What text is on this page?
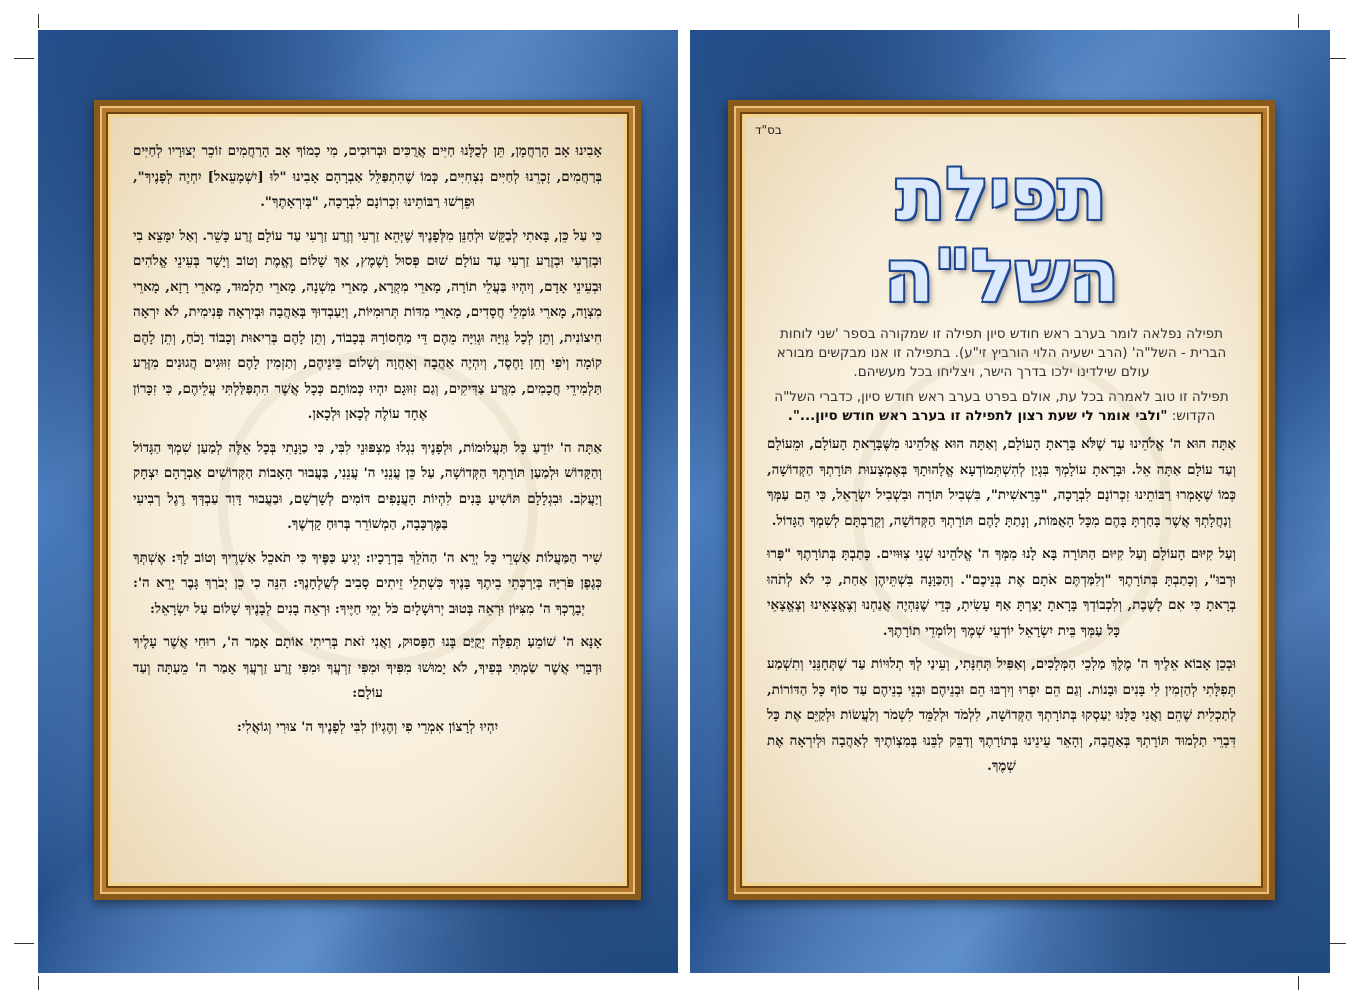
אָבִינוּ אָב הָרַחֲמָן, תֵּן לְכֻלָּנוּ חַיִּים אֲרֻכִּים וּבְרוּכִים, מִי כָמוֹךָ אָב הָרַחֲמִים זוֹכֵר יְצוּרָיו לְחַיִּים בְּרַחֲמִים, זָכְרֵנוּ לְחַיִּים נִצְחִיִּים, כְּמוֹ שֶׁהִתְפַּלֵּל אַבְרָהָם אָבִינוּ "לוּ [יִשְׁמָעֵאל] יִחְיֶה לְפָנֶיךָ", וּפֵרְשׁוּ רַבּוֹתֵינוּ זִכְרוֹנָם לִבְרָכָה, "בְּיִרְאָתֶךָ".

כִּי עַל כֵּן, בָּאתִי לְבַקֵּשׁ וּלְחַנֵּן מִלְּפָנֶיךָ שֶׁיְּהֵא זַרְעִי וְזֶרַע זַרְעִי עַד עוֹלָם זֶרַע כָּשֵׁר. וְאַל יִמָּצֵא בִי וּבְזַרְעִי וּבְזֶרַע זַרְעִי עַד עוֹלָם שׁוּם פְּסוּל וָשֶׁמֶץ, אַךְ שָׁלוֹם וֶאֱמֶת וְטוֹב וְיָשָׁר בְּעֵינֵי אֱלֹהִים וּבְעֵינֵי אָדָם, וְיִהְיוּ בַּעֲלֵי תוֹרָה, מָארֵי מִקְרָא, מָארֵי מִשְׁנָה, מָארֵי תַלְמוּד, מָארֵי רָזָא, מָארֵי מִצְוָה, מָארֵי גּוֹמְלֵי חֲסָדִים, מָארֵי מִדּוֹת תְּרוּמִיּוֹת, וְיַעַבְדוּךָ בְּאַהֲבָה וּבְיִרְאָה פְּנִימִית, לֹא יִרְאָה חִיצוֹנִית, וְתֵן לְכָל גְּוִיָּה וּגְוִיָּה מֵהֶם דֵּי מַחְסוֹרָהּ בְּכָבוֹד, וְתֵן לָהֶם בְּרִיאוּת וְכָבוֹד וָכֹחַ, וְתֵן לָהֶם קוֹמָה וְיֹפִי וְחֵן וָחֶסֶד, וְיִהְיֶה אַהֲבָה וְאַחֲוָה וְשָׁלוֹם בֵּינֵיהֶם, וְתַזְמִין לָהֶם זִוּוּגִים הֲגוּנִים מִזֶּרַע תַּלְמִידֵי חֲכָמִים, מִזֶּרַע צַדִּיקִים, וְגַם זִוּוּגָם יִהְיוּ כְּמוֹתָם כְּכָל אֲשֶׁר הִתְפַּלַּלְתִּי עֲלֵיהֶם, כִּי זִכָּרוֹן אֶחָד עוֹלֶה לְכָאן וּלְכָאן.

אַתָּה ה' יוֹדֵעַ כָּל תַּעֲלוּמוֹת, וּלְפָנֶיךָ נִגְלוּ מַצְפּוּנֵי לִבִּי, כִּי כַוָּנָתִי בְּכָל אֵלֶּה לְמַעַן שִׁמְךָ הַגָּדוֹל וְהַקָּדוֹשׁ וּלְמַעַן תּוֹרָתְךָ הַקְּדוֹשָׁה, עַל כֵּן עֲנֵנִי ה' עֲנֵנִי, בַּעֲבוּר הָאָבוֹת הַקְּדוֹשִׁים אַבְרָהָם יִצְחָק וְיַעֲקֹב. וּבִגְלָלָם תּוֹשִׁיעַ בָּנִים לִהְיוֹת הָעֲנָפִים דּוֹמִים לְשָׁרְשָׁם, וּבַעֲבוּר דָּוִד עַבְדְּךָ רֶגֶל רְבִיעִי בַּמֶּרְכָּבָה, הַמְשׁוֹרֵר בְּרוּחַ קָדְשֶׁךָ.

שִׁיר הַמַּעֲלוֹת אַשְׁרֵי כָּל יְרֵא ה' הַהֹלֵךְ בִּדְרָכָיו: יְגִיעַ כַּפֶּיךָ כִּי תֹאכֵל אַשְׁרֶיךָ וְטוֹב לָךְ: אֶשְׁתְּךָ כְּגֶפֶן פֹּרִיָּה בְּיַרְכְּתֵי בֵיתֶךָ בָּנֶיךָ כִּשְׁתִלֵי זֵיתִים סָבִיב לְשֻׁלְחָנֶךָ: הִנֵּה כִי כֵן יְבֹרַךְ גָּבֶר יְרֵא ה': יְבָרֶכְךָ ה' מִצִּיּוֹן וּרְאֵה בְּטוּב יְרוּשָׁלָיִם כֹּל יְמֵי חַיֶּיךָ: וּרְאֵה בָנִים לְבָנֶיךָ שָׁלוֹם עַל יִשְׂרָאֵל:

אָנָּא ה' שׁוֹמֵעַ תְּפִלָּה יְקֻיַּם בָּנוּ הַפָּסוּק, וַאֲנִי זֹאת בְּרִיתִי אוֹתָם אָמַר ה', רוּחִי אֲשֶׁר עָלֶיךָ וּדְבָרַי אֲשֶׁר שַׂמְתִּי בְּפִיךָ, לֹא יָמוּשׁוּ מִפִּיךָ וּמִפִּי זַרְעֲךָ וּמִפִּי זֶרַע זַרְעֲךָ אָמַר ה' מֵעַתָּה וְעַד עוֹלָם:

יִהְיוּ לְרָצוֹן אִמְרֵי פִי וְהֶגְיוֹן לִבִּי לְפָנֶיךָ ה' צוּרִי וְגוֹאֲלִי:

בס"ד
תפילת השל"ה

תפילה נפלאה לומר בערב ראש חודש סיון תפילה זו שמקורה בספר 'שני לוחות הברית - השל"ה' (הרב ישעיה הלוי הורביץ זי"ע). בתפילה זו אנו מבקשים מבורא עולם שילדינו ילכו בדרך הישר, ויצליחו בכל מעשיהם.

תפילה זו טוב לאמרה בכל עת, אולם בפרט בערב ראש חודש סיון, כדברי השל"ה הקדוש: "ולבי אומר לי שעת רצון לתפילה זו בערב ראש חודש סיון...".

אַתָּה הוּא ה' אֱלֹהֵינוּ עַד שֶׁלֹּא בָּרָאתָ הָעוֹלָם, וְאַתָּה הוּא אֱלֹהֵינוּ מִשֶּׁבָּרָאתָ הָעוֹלָם, וּמֵעוֹלָם וְעַד עוֹלָם אַתָּה אֵל. וּבָרָאתָ עוֹלָמְךָ בִּגְיַן לְהִשְׁתְּמוֹדְעָא אֱלָהוּתָךְ בְּאֶמְצָעוּת תּוֹרָתְךָ הַקְּדוֹשָׁה, כְּמוֹ שֶׁאָמְרוּ רַבּוֹתֵינוּ זִכְרוֹנָם לִבְרָכָה, "בְּרֵאשִׁית", בִּשְׁבִיל תּוֹרָה וּבִשְׁבִיל יִשְׂרָאֵל, כִּי הֵם עַמְּךָ וְנַחֲלָתְךָ אֲשֶׁר בָּחַרְתָּ בָּהֶם מִכָּל הָאֻמּוֹת, וְנָתַתָּ לָהֶם תּוֹרָתְךָ הַקְּדוֹשָׁה, וְקֵרַבְתָּם לְשִׁמְךָ הַגָּדוֹל.

וְעַל קִיּוּם הָעוֹלָם וְעַל קִיּוּם הַתּוֹרָה בָּא לָנוּ מִמְּךָ ה' אֱלֹהֵינוּ שְׁנֵי צִוּוּיִים. כָּתַבְתָּ בְּתוֹרָתֶךָ "פְּרוּ וּרְבוּ", וְכָתַבְתָּ בְּתוֹרָתֶךָ "וְלִמַּדְתֶּם אֹתָם אֶת בְּנֵיכֶם". וְהַכַּוָּנָה בִּשְׁתֵּיהֶן אַחַת, כִּי לֹא לְתֹהוּ בְרָאתָ כִּי אִם לָשֶׁבֶת, וְלִכְבוֹדְךָ בָּרָאתָ יָצַרְתָּ אַף עָשִׂיתָ, כְּדֵי שֶׁנִּהְיֶה אֲנַחְנוּ וְצֶאֱצָאֵינוּ וְצֶאֱצָאֵי כָּל עַמְּךָ בֵּית יִשְׂרָאֵל יוֹדְעֵי שְׁמֶךָ וְלוֹמְדֵי תוֹרָתֶךָ.

וּבְכֵן אָבוֹא אֵלֶיךָ ה' מֶלֶךְ מַלְכֵי הַמְּלָכִים, וְאַפִּיל תְּחִנָּתִי, וְעֵינַי לְךָ תְלוּיוֹת עַד שֶׁתְּחָנֵּנִי וְתִשְׁמַע תְּפִלָּתִי לְהַזְמִין לִי בָּנִים וּבָנוֹת. וְגַם הֵם יִפְרוּ וְיִרְבּוּ הֵם וּבְנֵיהֶם וּבְנֵי בְנֵיהֶם עַד סוֹף כָּל הַדּוֹרוֹת, לְתַכְלִית שֶׁהֵם וַאֲנִי כֻּלָּנוּ יַעַסְקוּ בְּתוֹרָתְךָ הַקְּדוֹשָׁה, לִלְמֹד וּלְלַמֵּד לִשְׁמֹר וְלַעֲשׂוֹת וּלְקַיֵּם אֶת כָּל דִּבְרֵי תַלְמוּד תּוֹרָתְךָ בְּאַהֲבָה, וְהָאֵר עֵינֵינוּ בְּתוֹרָתֶךָ וְדַבֵּק לִבֵּנוּ בְּמִצְוֹתֶיךָ לְאַהֲבָה וּלְיִרְאָה אֶת שְׁמֶךָ.
